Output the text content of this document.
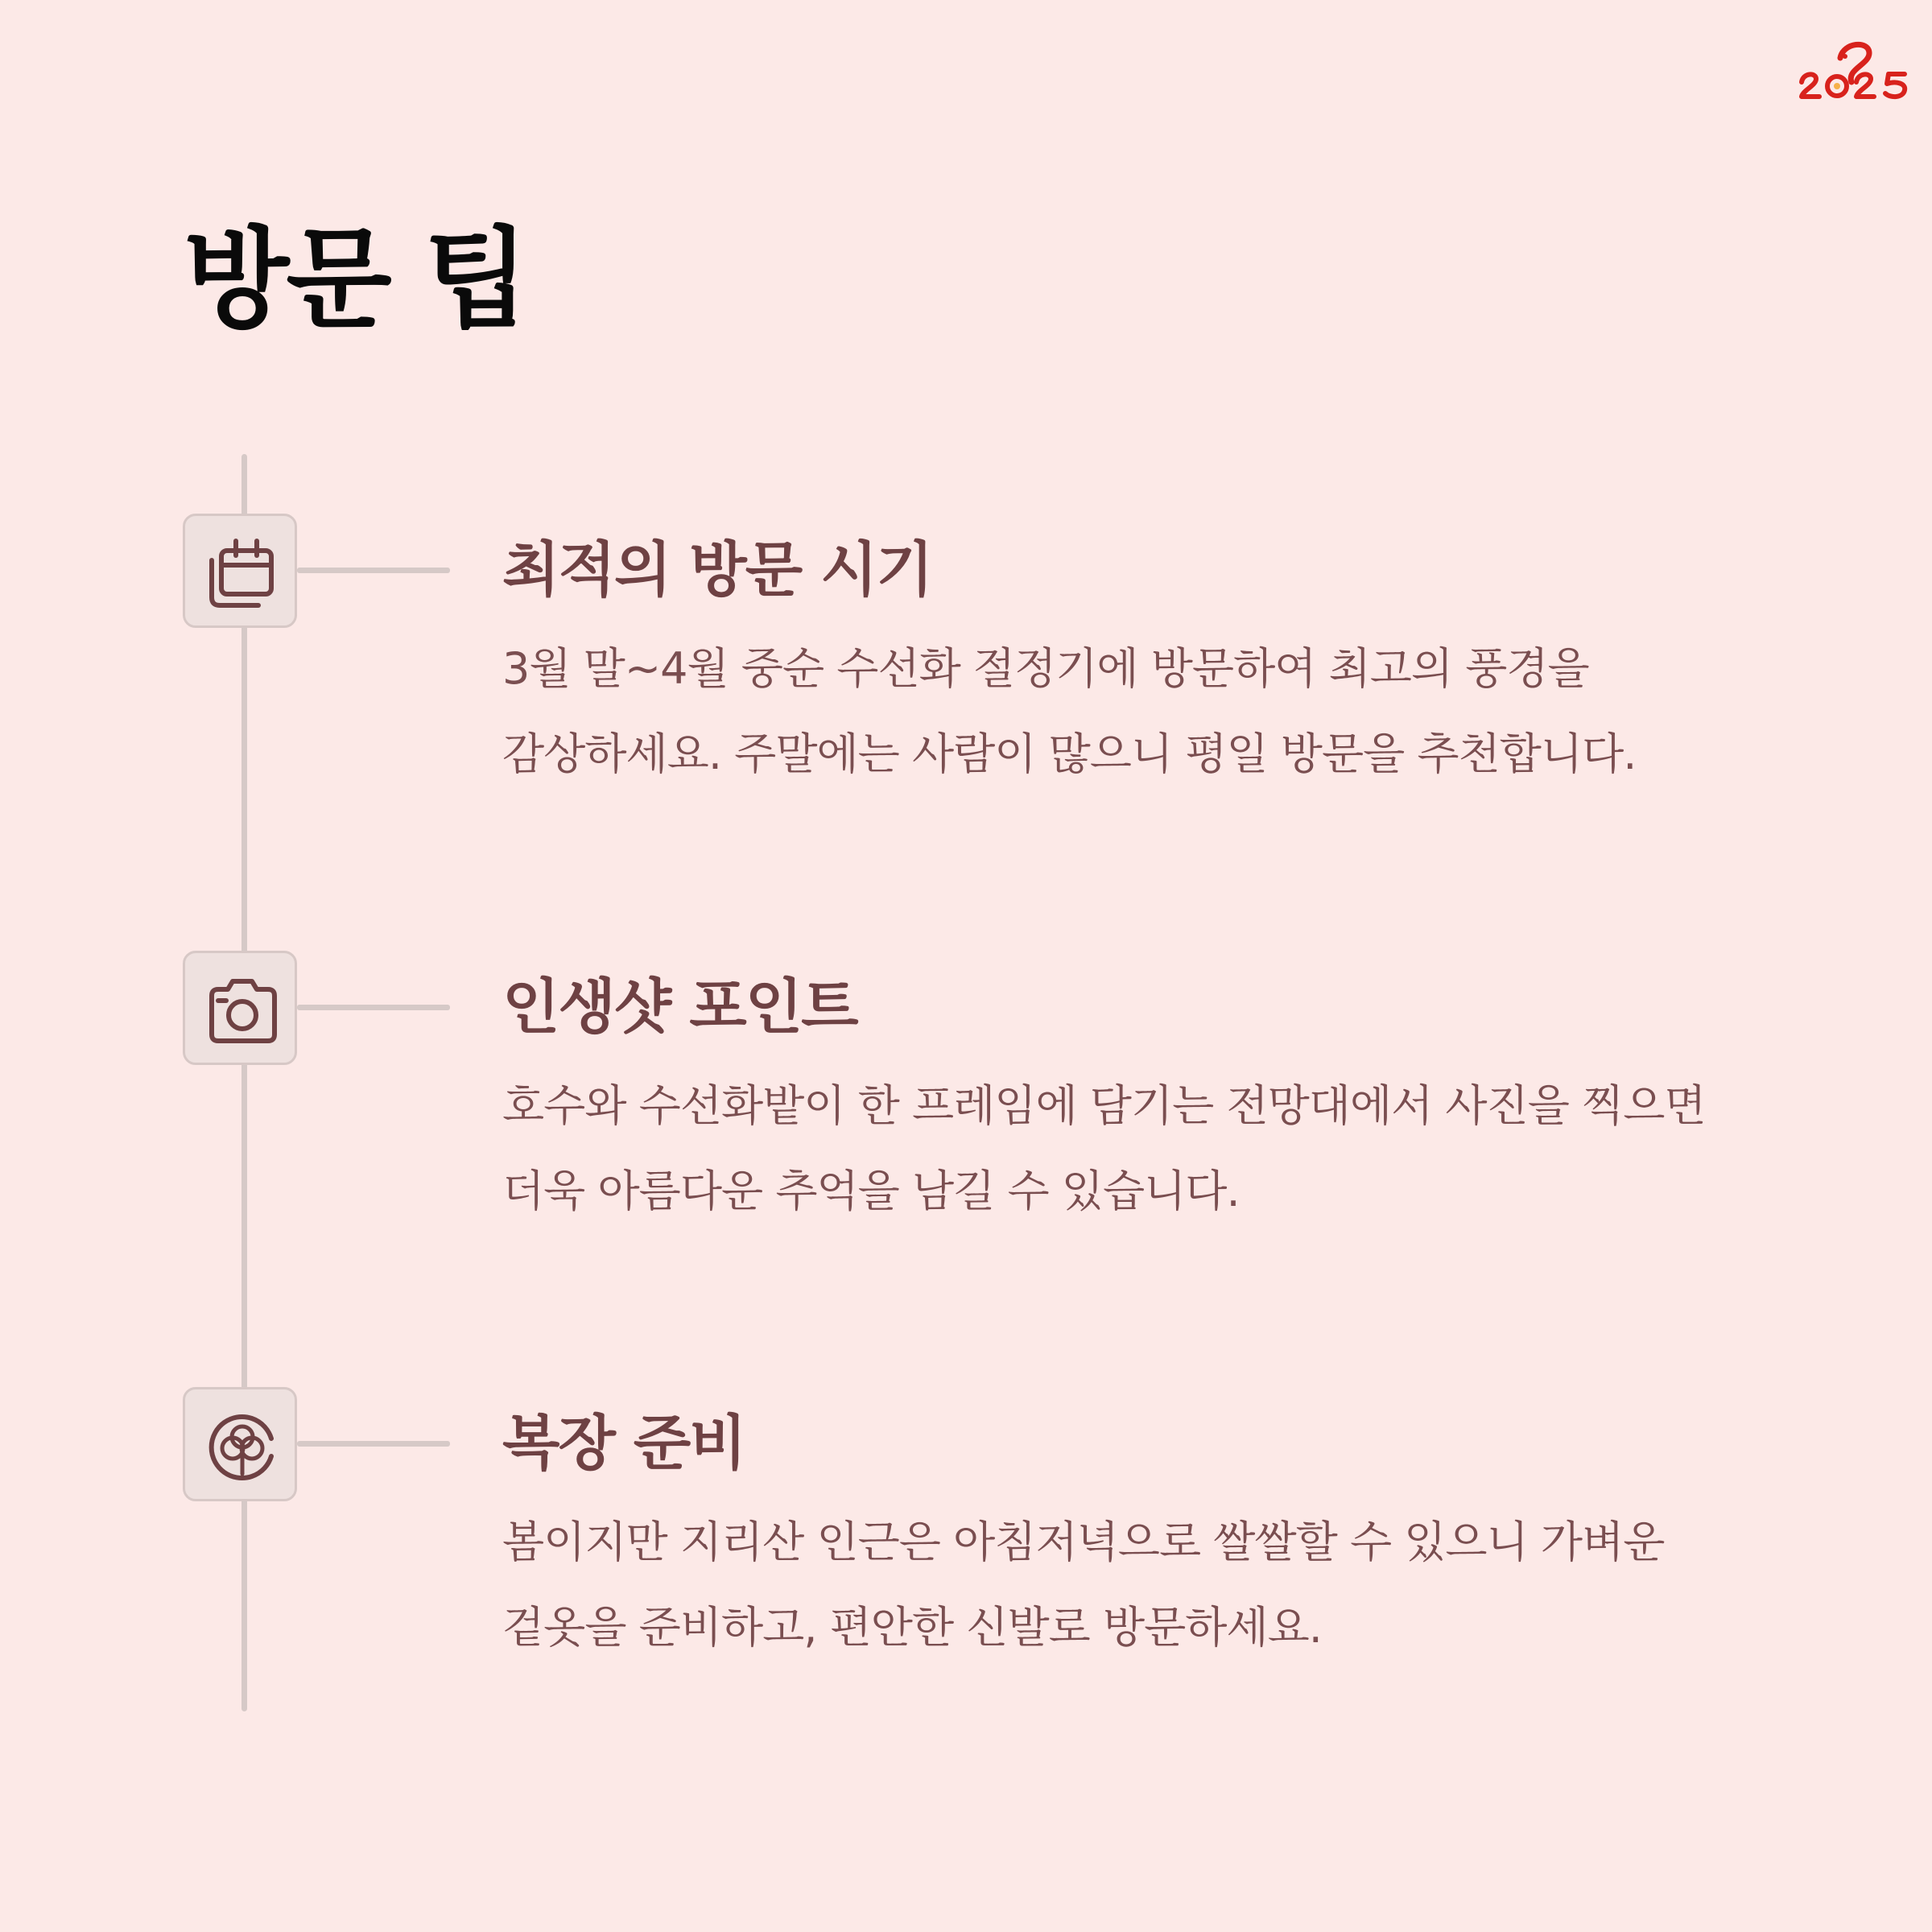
방문 팁
최적의 방문 시기

3월 말~4월 중순 수선화 절정기에 방문하여 최고의 풍경을 감상하세요. 주말에는 사람이 많으니 평일 방문을 추천합니다.

인생샷 포인트

호수와 수선화밭이 한 프레임에 담기는 전망대에서 사진을 찍으면 더욱 아름다운 추억을 남길 수 있습니다.

복장 준비

봄이지만 지리산 인근은 아침저녁으로 쌀쌀할 수 있으니 가벼운 겉옷을 준비하고, 편안한 신발로 방문하세요.
